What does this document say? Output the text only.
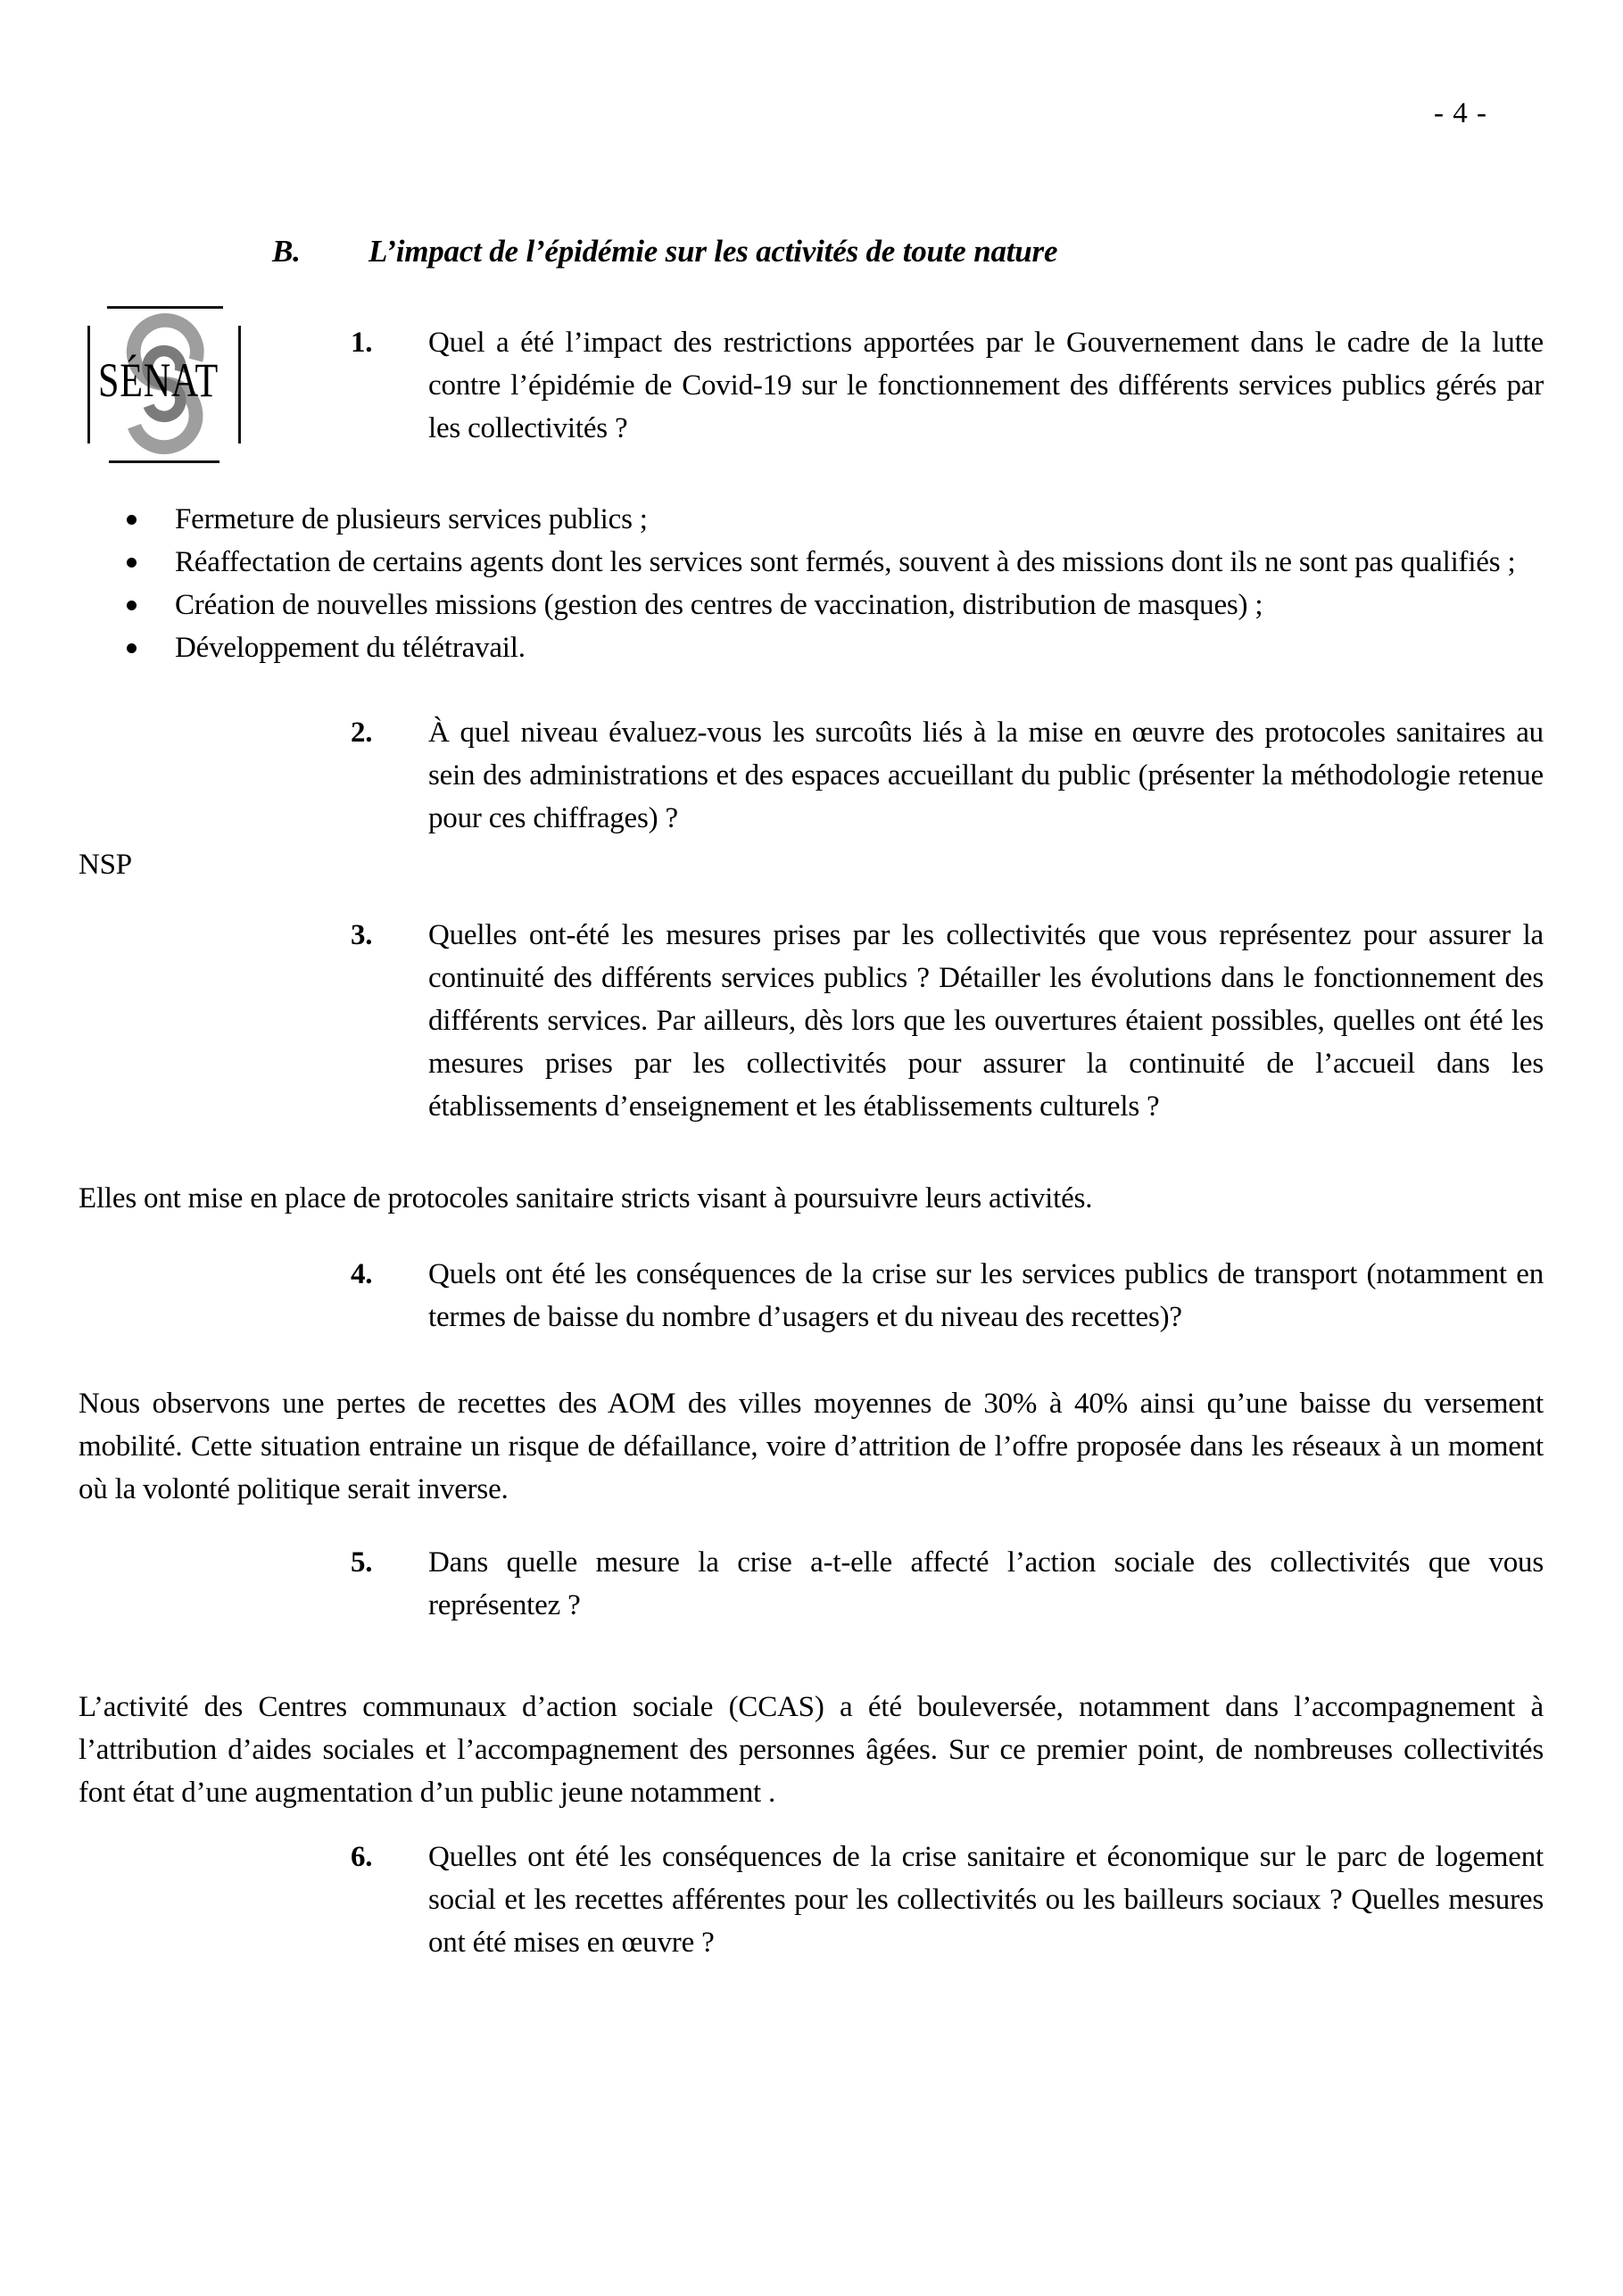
- 4 -
SÉNAT
B.	L’impact de l’épidémie sur les activités de toute nature
1.	Quel a été l’impact des restrictions apportées par le Gouvernement dans le cadre de la lutte contre l’épidémie de Covid-19 sur le fonctionnement des différents services publics gérés par les collectivités ?
Fermeture de plusieurs services publics ;
Réaffectation de certains agents dont les services sont fermés, souvent à des missions dont ils ne sont pas qualifiés ;
Création de nouvelles missions (gestion des centres de vaccination, distribution de masques) ;
Développement du télétravail.
2.	À quel niveau évaluez-vous les surcoûts liés à la mise en œuvre des protocoles sanitaires au sein des administrations et des espaces accueillant du public (présenter la méthodologie retenue pour ces chiffrages) ?
NSP
3.	Quelles ont-été les mesures prises par les collectivités que vous représentez pour assurer la continuité des différents services publics ? Détailler les évolutions dans le fonctionnement des différents services. Par ailleurs, dès lors que les ouvertures étaient possibles, quelles ont été les mesures prises par les collectivités pour assurer la continuité de l’accueil dans les établissements d’enseignement et les établissements culturels ?
Elles ont mise en place de protocoles sanitaire stricts visant à poursuivre leurs activités.
4.	Quels ont été les conséquences de la crise sur les services publics de transport (notamment en termes de baisse du nombre d’usagers et du niveau des recettes)?
Nous observons une pertes de recettes des AOM des villes moyennes de 30% à 40% ainsi qu’une baisse du versement mobilité. Cette situation entraine un risque de défaillance, voire d’attrition de l’offre proposée dans les réseaux à un moment où la volonté politique serait inverse.
5.	Dans quelle mesure la crise a-t-elle affecté l’action sociale des collectivités que vous représentez ?
L’activité des Centres communaux d’action sociale (CCAS) a été bouleversée, notamment dans l’accompagnement à l’attribution d’aides sociales et l’accompagnement des personnes âgées. Sur ce premier point, de nombreuses collectivités font état d’une augmentation d’un public jeune notamment .
6.	Quelles ont été les conséquences de la crise sanitaire et économique sur le parc de logement social et les recettes afférentes pour les collectivités ou les bailleurs sociaux ? Quelles mesures ont été mises en œuvre ?
